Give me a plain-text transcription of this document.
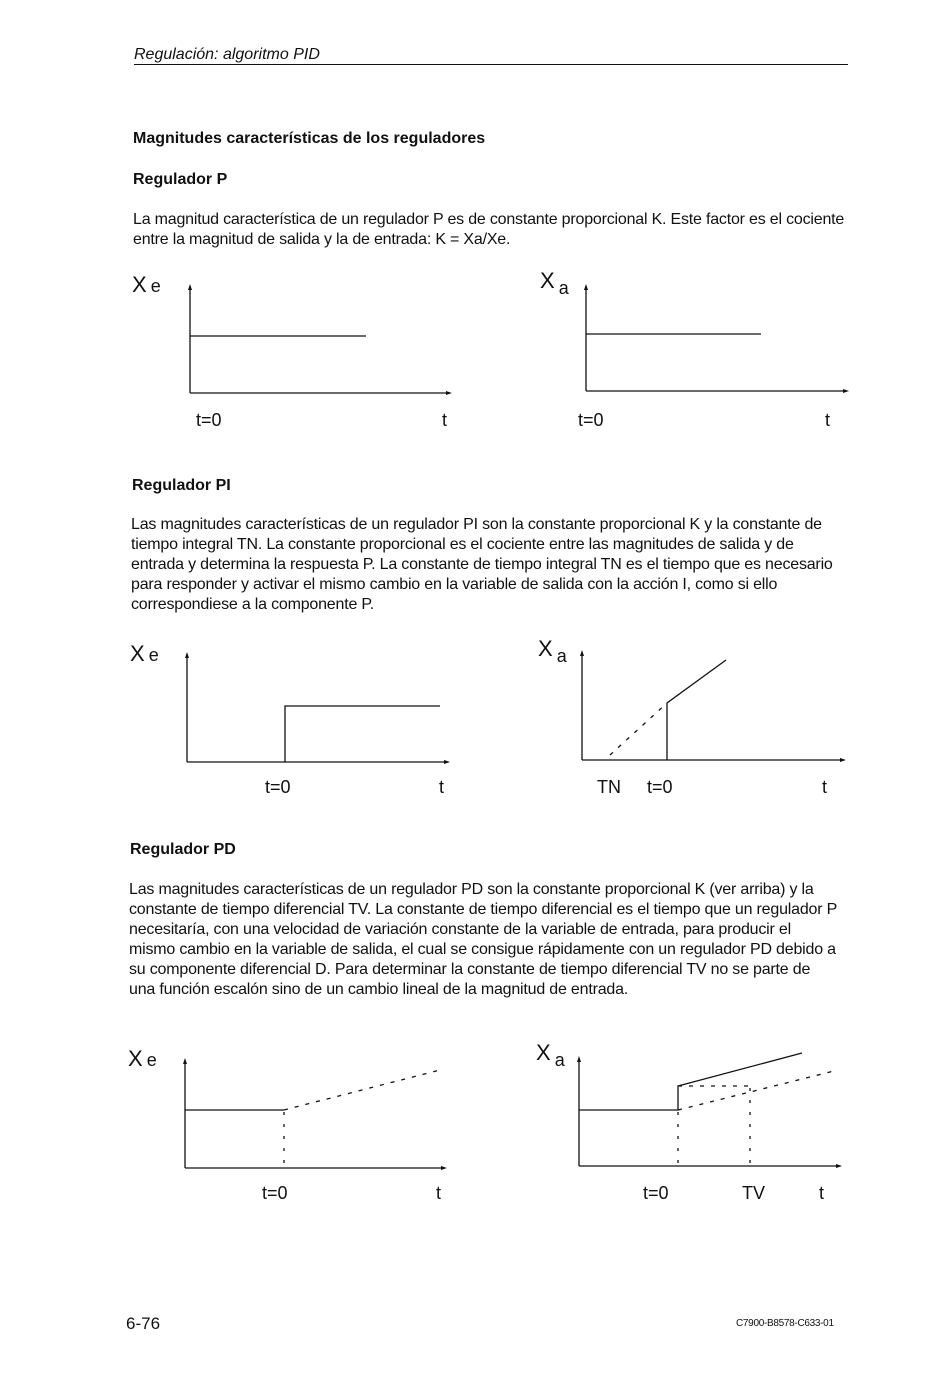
Regulación: algoritmo PID
Magnitudes características de los reguladores
Regulador P
La magnitud característica de un regulador P es de constante proporcional K. Este factor es el cociente entre la magnitud de salida y la de entrada: K = Xa/Xe.
X e	X $_a$
t=0	t	t=0	t
Regulador PI
Las magnitudes características de un regulador PI son la constante proporcional K y la constante de tiempo integral TN. La constante proporcional es el cociente entre las magnitudes de salida y de entrada y determina la respuesta P. La constante de tiempo integral TN es el tiempo que es necesario para responder y activar el mismo cambio en la variable de salida con la acción I, como si ello correspondiese a la componente P.
X e	X $_a$
t=0	t	TN t=0	t
Regulador PD
Las magnitudes características de un regulador PD son la constante proporcional K (ver arriba) y la constante de tiempo diferencial TV. La constante de tiempo diferencial es el tiempo que un regulador P necesitaría, con una velocidad de variación constante de la variable de entrada, para producir el mismo cambio en la variable de salida, el cual se consigue rápidamente con un regulador PD debido a su componente diferencial D. Para determinar la constante de tiempo diferencial TV no se parte de una función escalón sino de un cambio lineal de la magnitud de entrada.
X e	X $_a$
t=0	t	t=0	TV	t
6-76	C7900-B8578-C633-01
